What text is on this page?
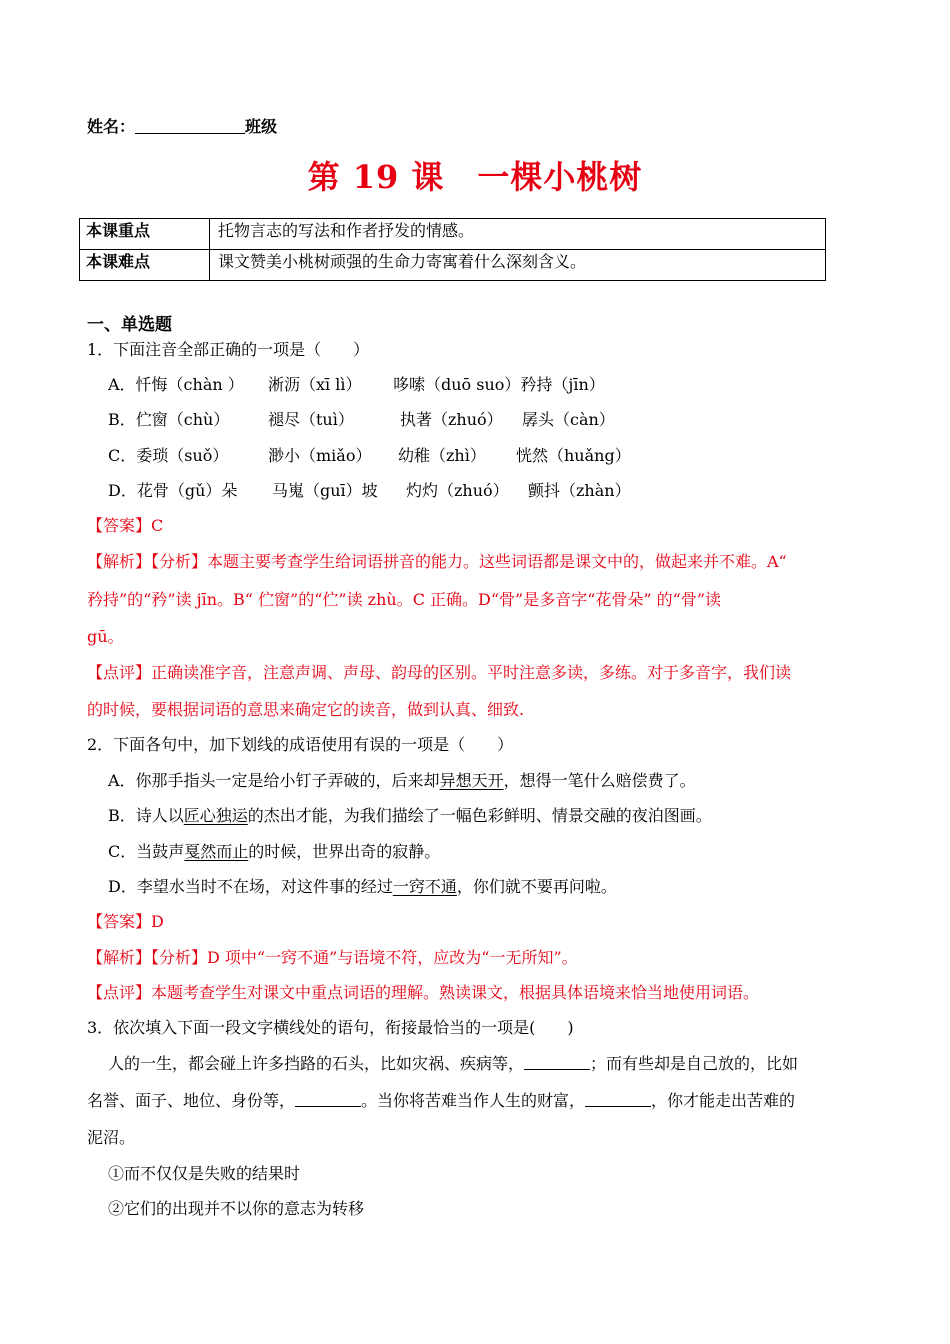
姓名：	班级
第 19 课　一棵小桃树
本课重点	托物言志的写法和作者抒发的情感。
本课难点	课文赞美小桃树顽强的生命力寄寓着什么深刻含义。
一、单选题
1．下面注音全部正确的一项是（　　）
A．忏悔（chàn ） 淅沥（xī lì） 哆嗦（duō suo）矜持（jīn）
B．伫窗（chù） 褪尽（tuì）	执著（zhuó） 孱头（càn）
C．委琐（suǒ） 渺小（miǎo） 幼稚（zhì） 恍然（huǎng）
D．花骨（gǔ）朵 马嵬（guī）坡 灼灼（zhuó） 颤抖（zhàn）
【答案】C
【解析】【分析】本题主要考查学生给词语拼音的能力。这些词语都是课文中的，做起来并不难。A“
矜持”的“矜”读 jīn。B“ 伫窗”的“伫”读 zhù。C 正确。D“骨”是多音字“花骨朵” 的“骨”读
gū。
【点评】正确读准字音，注意声调、声母、韵母的区别。平时注意多读，多练。对于多音字，我们读
的时候，要根据词语的意思来确定它的读音，做到认真、细致.
2．下面各句中，加下划线的成语使用有误的一项是（　　）
A．你那手指头一定是给小钉子弄破的，后来却异想天开，想得一笔什么赔偿费了。
B．诗人以匠心独运的杰出才能，为我们描绘了一幅色彩鲜明、情景交融的夜泊图画。
C．当鼓声戛然而止的时候，世界出奇的寂静。
D．李望水当时不在场，对这件事的经过一窍不通，你们就不要再问啦。
【答案】D
【解析】【分析】D 项中“一窍不通”与语境不符，应改为“一无所知”。
【点评】本题考查学生对课文中重点词语的理解。熟读课文，根据具体语境来恰当地使用词语。
3．依次填入下面一段文字横线处的语句，衔接最恰当的一项是(　　)
人的一生，都会碰上许多挡路的石头，比如灾祸、疾病等，	；而有些却是自己放的，比如
名誉、面子、地位、身份等，	。当你将苦难当作人生的财富，	，你才能走出苦难的
泥沼。
①而不仅仅是失败的结果时
②它们的出现并不以你的意志为转移
